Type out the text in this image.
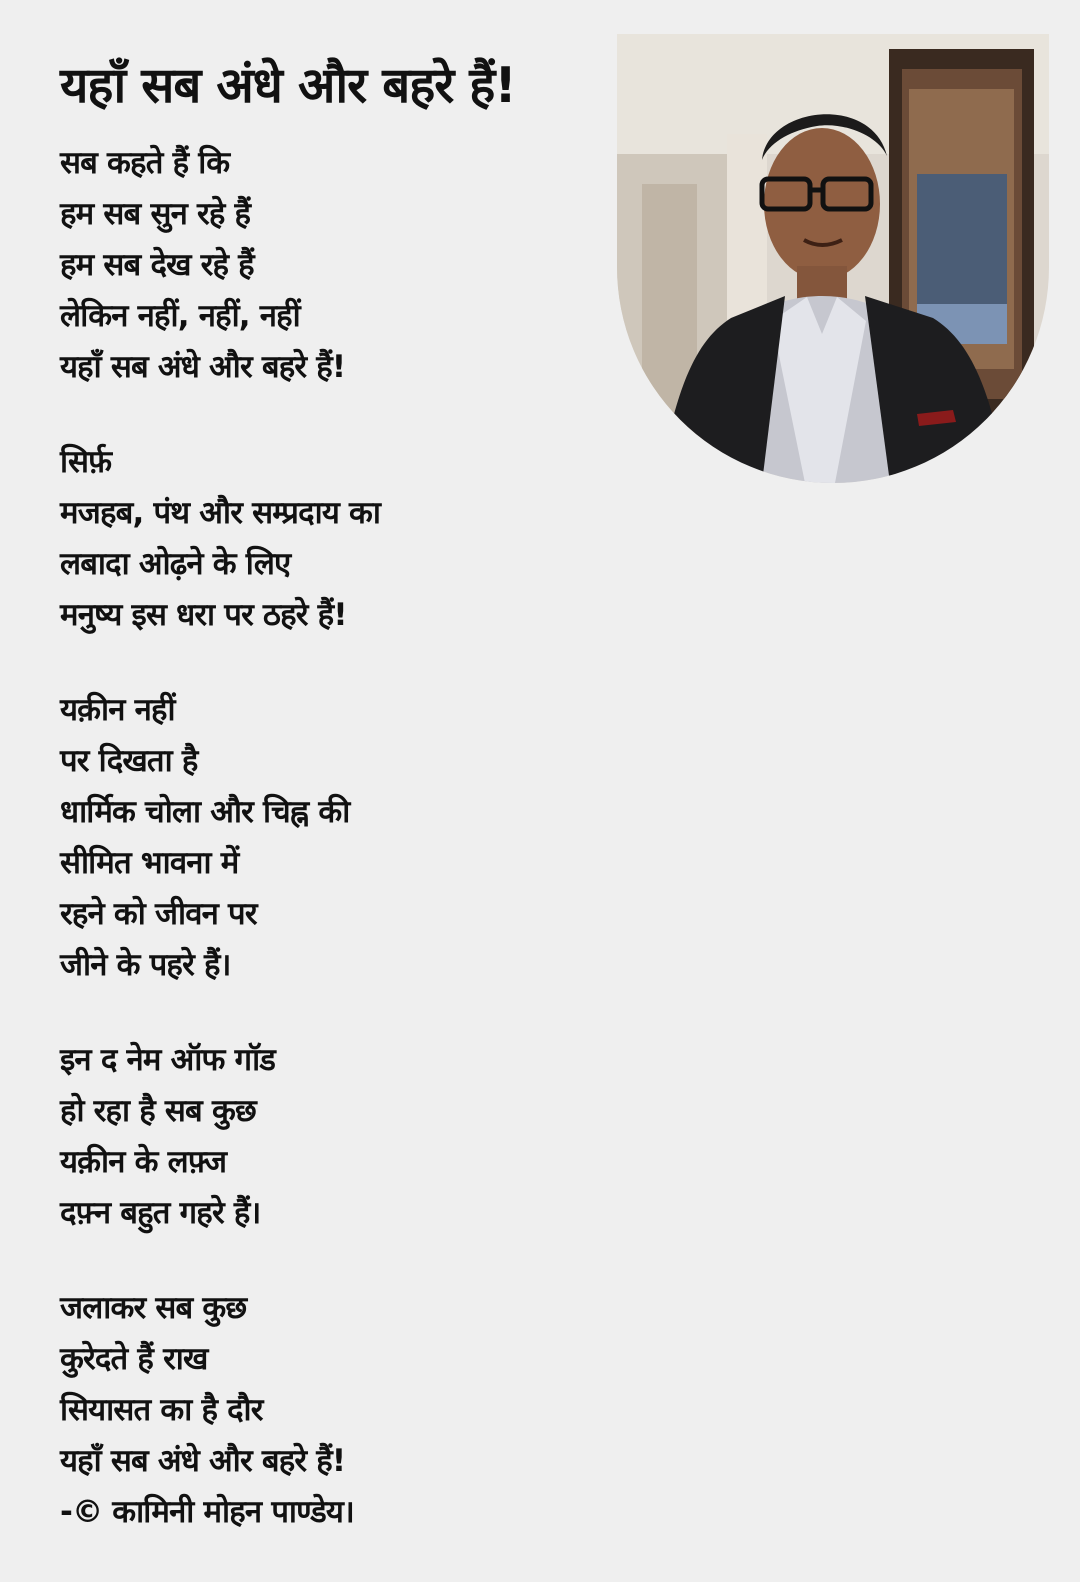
यहाँ सब अंधे और बहरे हैं!
सब कहते हैं कि
हम सब सुन रहे हैं
हम सब देख रहे हैं
लेकिन नहीं, नहीं, नहीं
यहाँ सब अंधे और बहरे हैं!
सिर्फ़
मजहब, पंथ और सम्प्रदाय का
लबादा ओढ़ने के लिए
मनुष्य इस धरा पर ठहरे हैं!
यक़ीन नहीं
पर दिखता है
धार्मिक चोला और चिह्न की
सीमित भावना में
रहने को जीवन पर
जीने के पहरे हैं।
इन द नेम ऑफ गॉड
हो रहा है सब कुछ
यक़ीन के लफ़्ज
दफ़्न बहुत गहरे हैं।
जलाकर सब कुछ
कुरेदते हैं राख
सियासत का है दौर
यहाँ सब अंधे और बहरे हैं!
-© कामिनी मोहन पाण्डेय।
